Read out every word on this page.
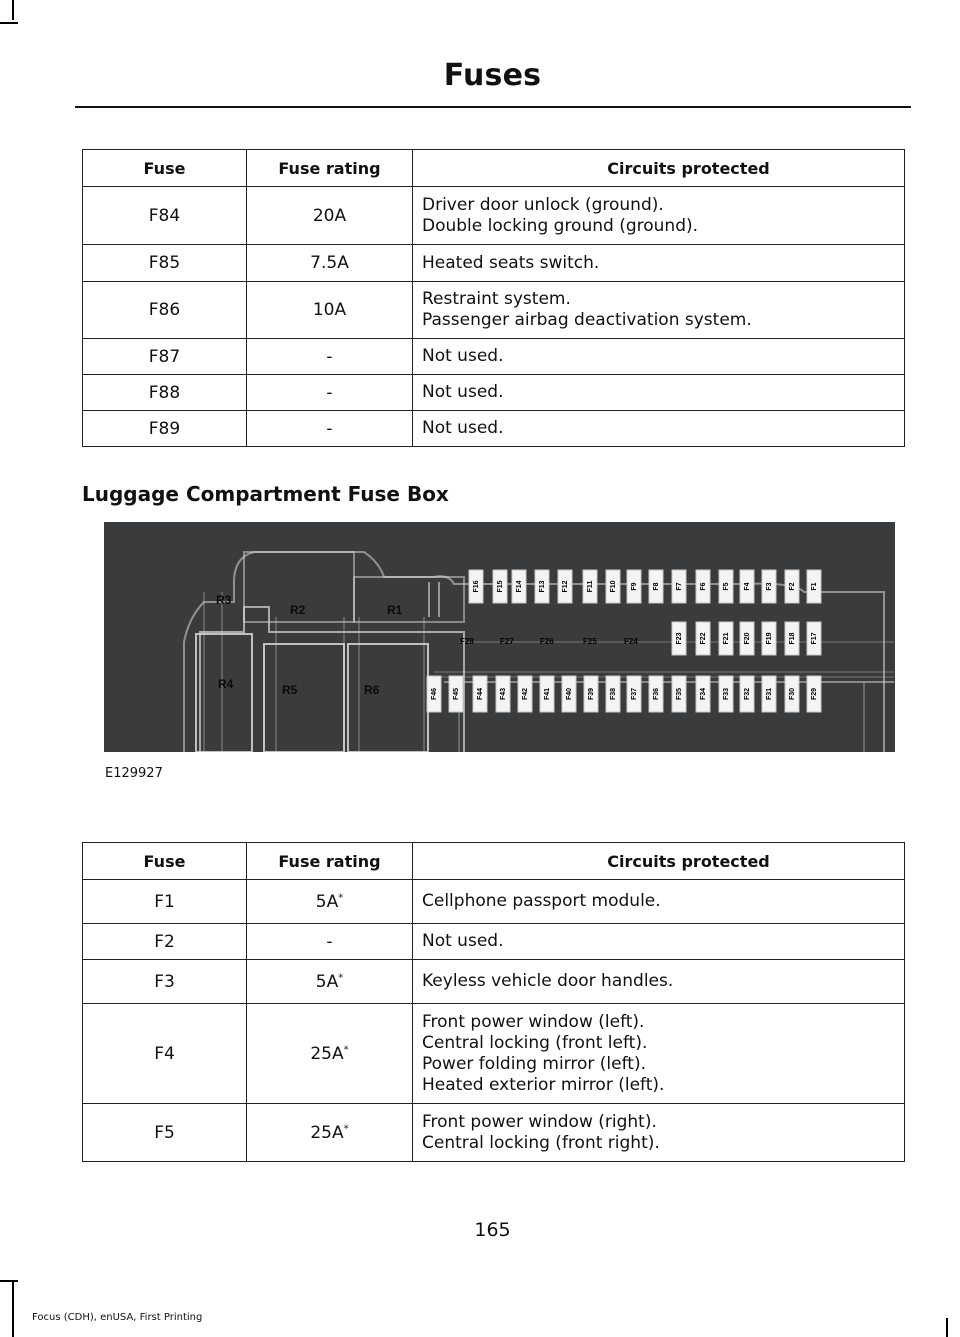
Fuses
Fuse	Fuse rating	Circuits protected
F84	20A	Driver door unlock (ground).
Double locking ground (ground).

F85	7.5A	Heated seats switch.

F86	10A	Restraint system.
Passenger airbag deactivation system.

F87	-	Not used.

F88	-	Not used.

F89	-	Not used.
Luggage Compartment Fuse Box
R3
R2	R1
R4	R5	R6
F16 F15 F14 F13 F12	F11 F10 F9 F8 F7 F6 F5 F4 F3 F2 F1
F28	F27	F26	F25	F24	F23 F22 F21 F20 F19 F18 F17
F46 F45 F44 F43 F42 F41 F40 F39 F38 F37 F36 F35 F34 F33 F32 F31 F30 F29
E129927
Fuse	Fuse rating	Circuits protected
F1	5A*	Cellphone passport module.

F2	-	Not used.

F3	5A*	Keyless vehicle door handles.

F4	25A*	Front power window (left).
Central locking (front left).
Power folding mirror (left).
Heated exterior mirror (left).

F5	25A*	Front power window (right).
Central locking (front right).
165
Focus (CDH), enUSA, First Printing
